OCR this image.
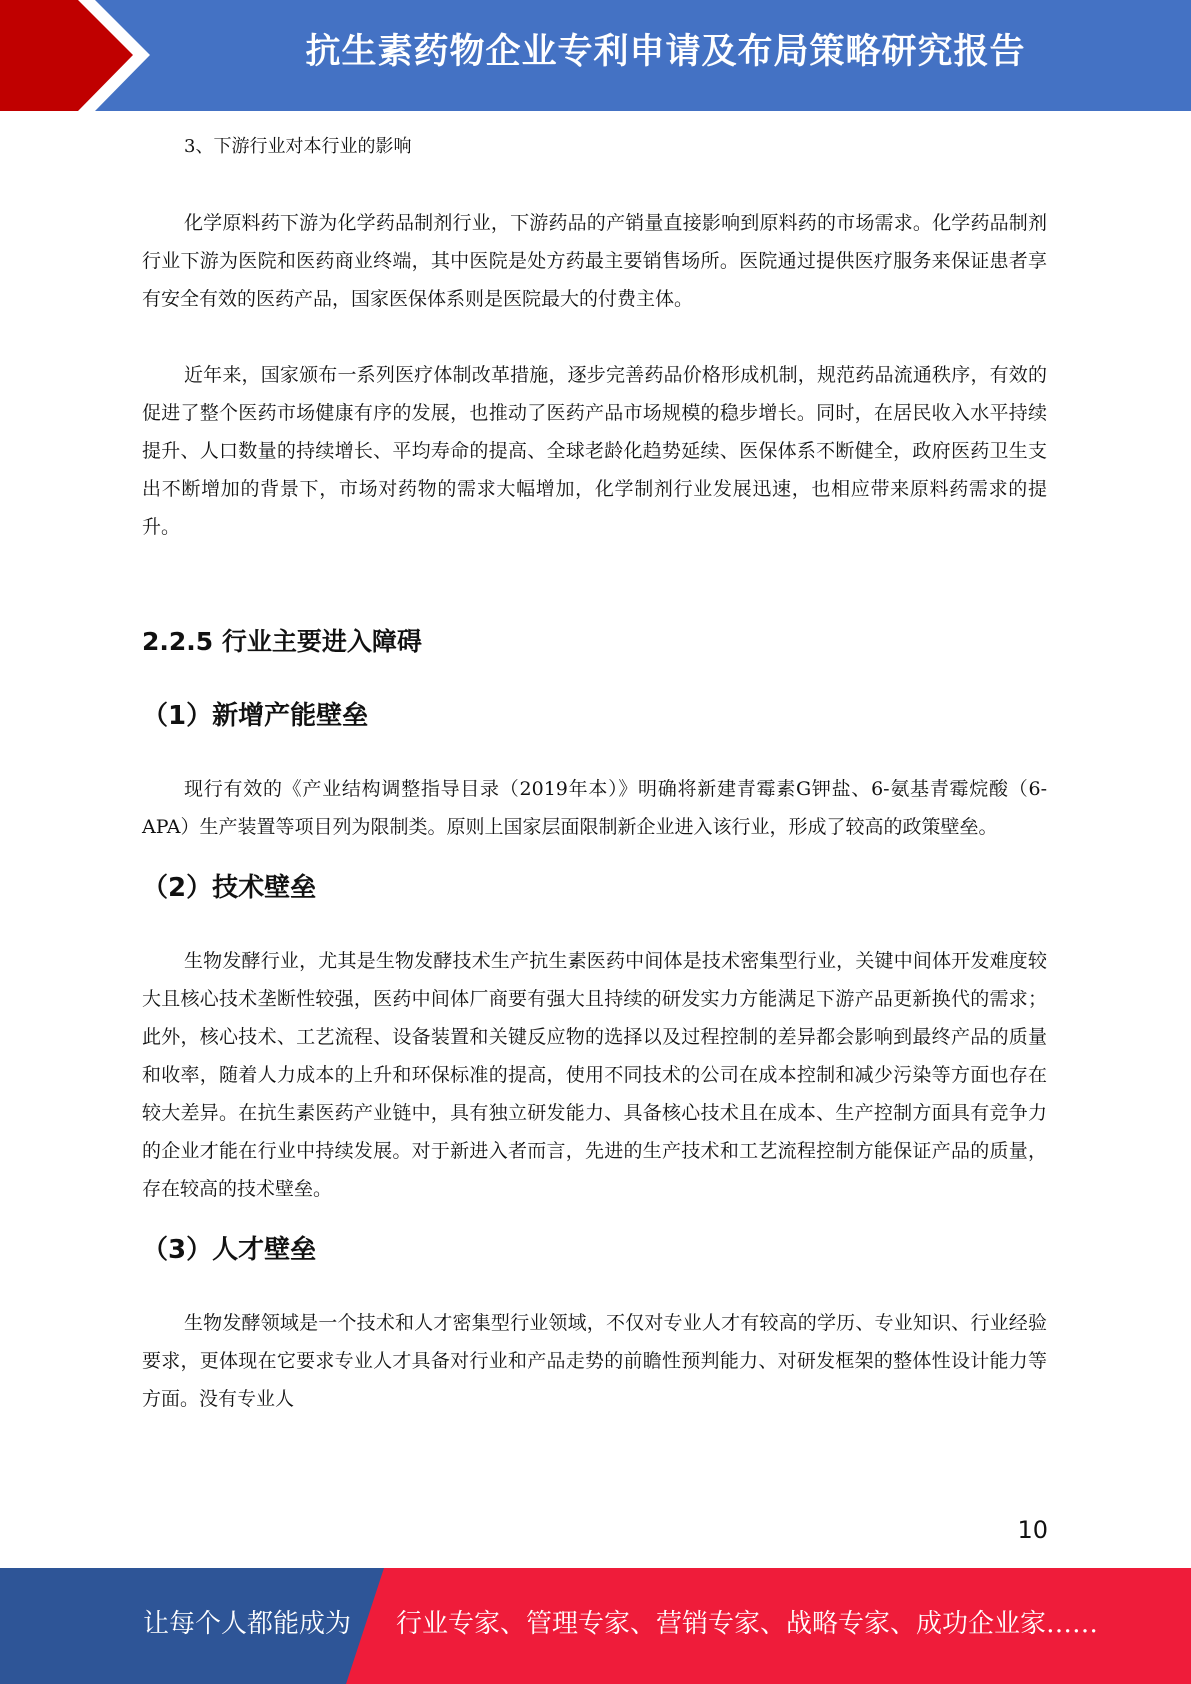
抗生素药物企业专利申请及布局策略研究报告

3、下游行业对本行业的影响

化学原料药下游为化学药品制剂行业，下游药品的产销量直接影响到原料药的市场需求。化学药品制剂行业下游为医院和医药商业终端，其中医院是处方药最主要销售场所。医院通过提供医疗服务来保证患者享有安全有效的医药产品，国家医保体系则是医院最大的付费主体。

近年来，国家颁布一系列医疗体制改革措施，逐步完善药品价格形成机制，规范药品流通秩序，有效的促进了整个医药市场健康有序的发展，也推动了医药产品市场规模的稳步增长。同时，在居民收入水平持续提升、人口数量的持续增长、平均寿命的提高、全球老龄化趋势延续、医保体系不断健全，政府医药卫生支出不断增加的背景下，市场对药物的需求大幅增加，化学制剂行业发展迅速，也相应带来原料药需求的提升。

2.2.5 行业主要进入障碍
（1）新增产能壁垒

现行有效的《产业结构调整指导目录（2019年本）》明确将新建青霉素G钾盐、6-氨基青霉烷酸（6-APA）生产装置等项目列为限制类。原则上国家层面限制新企业进入该行业，形成了较高的政策壁垒。

（2）技术壁垒

生物发酵行业，尤其是生物发酵技术生产抗生素医药中间体是技术密集型行业，关键中间体开发难度较大且核心技术垄断性较强，医药中间体厂商要有强大且持续的研发实力方能满足下游产品更新换代的需求；此外，核心技术、工艺流程、设备装置和关键反应物的选择以及过程控制的差异都会影响到最终产品的质量和收率，随着人力成本的上升和环保标准的提高，使用不同技术的公司在成本控制和减少污染等方面也存在较大差异。在抗生素医药产业链中，具有独立研发能力、具备核心技术且在成本、生产控制方面具有竞争力的企业才能在行业中持续发展。对于新进入者而言，先进的生产技术和工艺流程控制方能保证产品的质量，存在较高的技术壁垒。

（3）人才壁垒

生物发酵领域是一个技术和人才密集型行业领域，不仅对专业人才有较高的学历、专业知识、行业经验要求，更体现在它要求专业人才具备对行业和产品走势的前瞻性预判能力、对研发框架的整体性设计能力等方面。没有专业人

10
让每个人都能成为 行业专家、管理专家、营销专家、战略专家、成功企业家……
